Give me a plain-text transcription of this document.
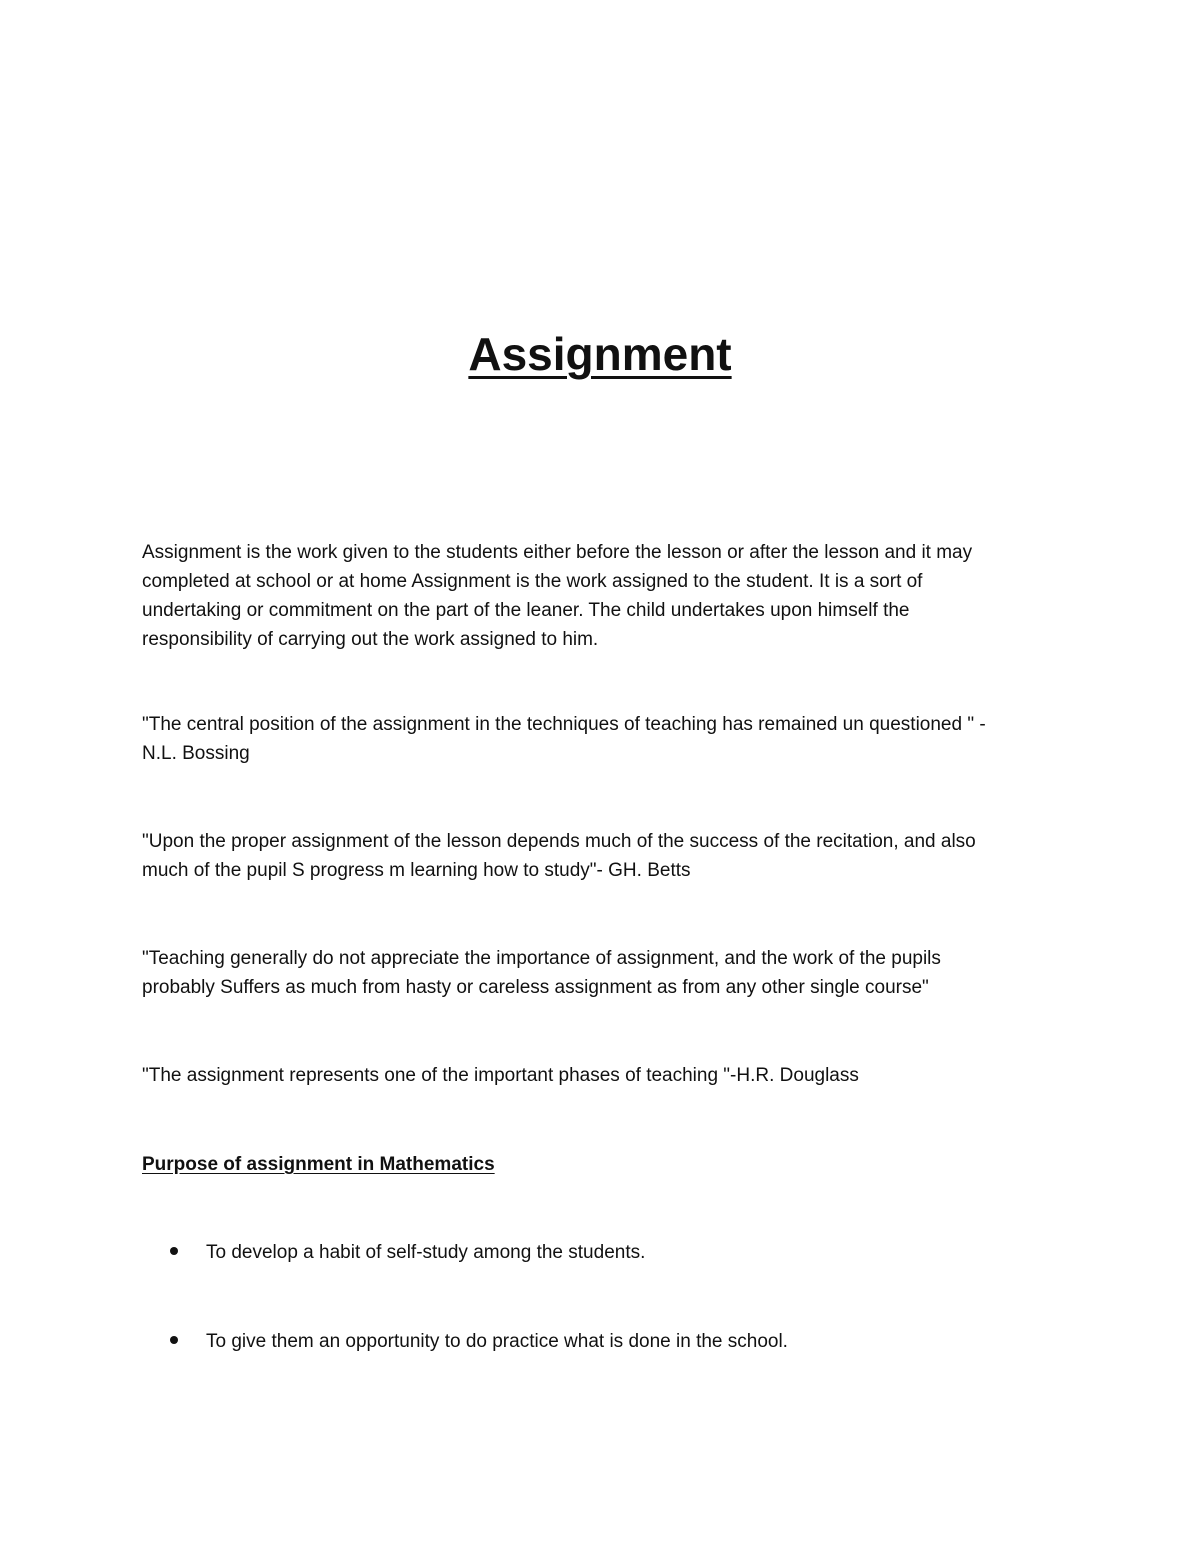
Assignment

Assignment is the work given to the students either before the lesson or after the lesson and it may
completed at school or at home Assignment is the work assigned to the student. It is a sort of
undertaking or commitment on the part of the leaner. The child undertakes upon himself the
responsibility of carrying out the work assigned to him.

"The central position of the assignment in the techniques of teaching has remained un questioned " -
N.L. Bossing

"Upon the proper assignment of the lesson depends much of the success of the recitation, and also
much of the pupil S progress m learning how to study"- GH. Betts

"Teaching generally do not appreciate the importance of assignment, and the work of the pupils
probably Suffers as much from hasty or careless assignment as from any other single course"

"The assignment represents one of the important phases of teaching "-H.R. Douglass

Purpose of assignment in Mathematics
To develop a habit of self-study among the students.
To give them an opportunity to do practice what is done in the school.
